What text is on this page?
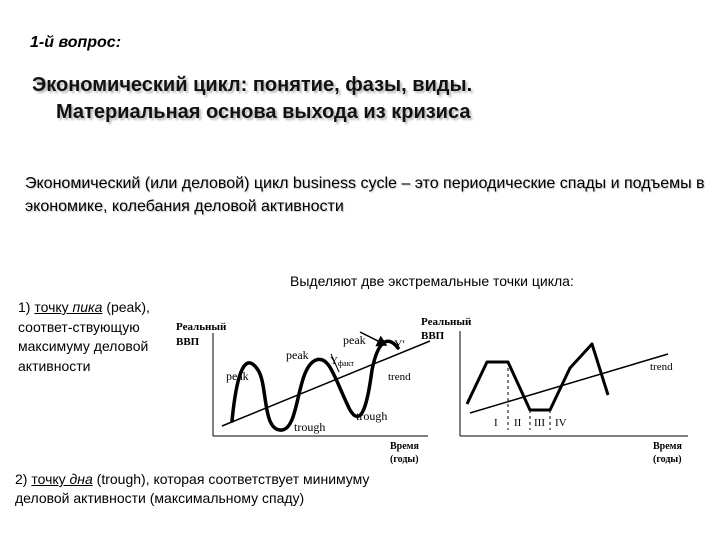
1-й вопрос:

Экономический цикл: понятие, фазы, виды.
Материальная основа выхода из кризиса

Экономический (или деловой) цикл business cycle – это периодические спады и подъемы в экономике, колебания деловой активности

Выделяют две экстремальные точки цикла:

1) точку пика (peak), соответ-ствующую максимуму деловой активности

2) точку дна (trough), которая соответствует минимуму деловой активности (максимальному спаду)

Реальный
ВВП
peak
peak
peak
trough
trough
Y'
Yфакт
trend
Время
(годы)
Реальный
ВВП
trend
I II III IV
Время
(годы)
